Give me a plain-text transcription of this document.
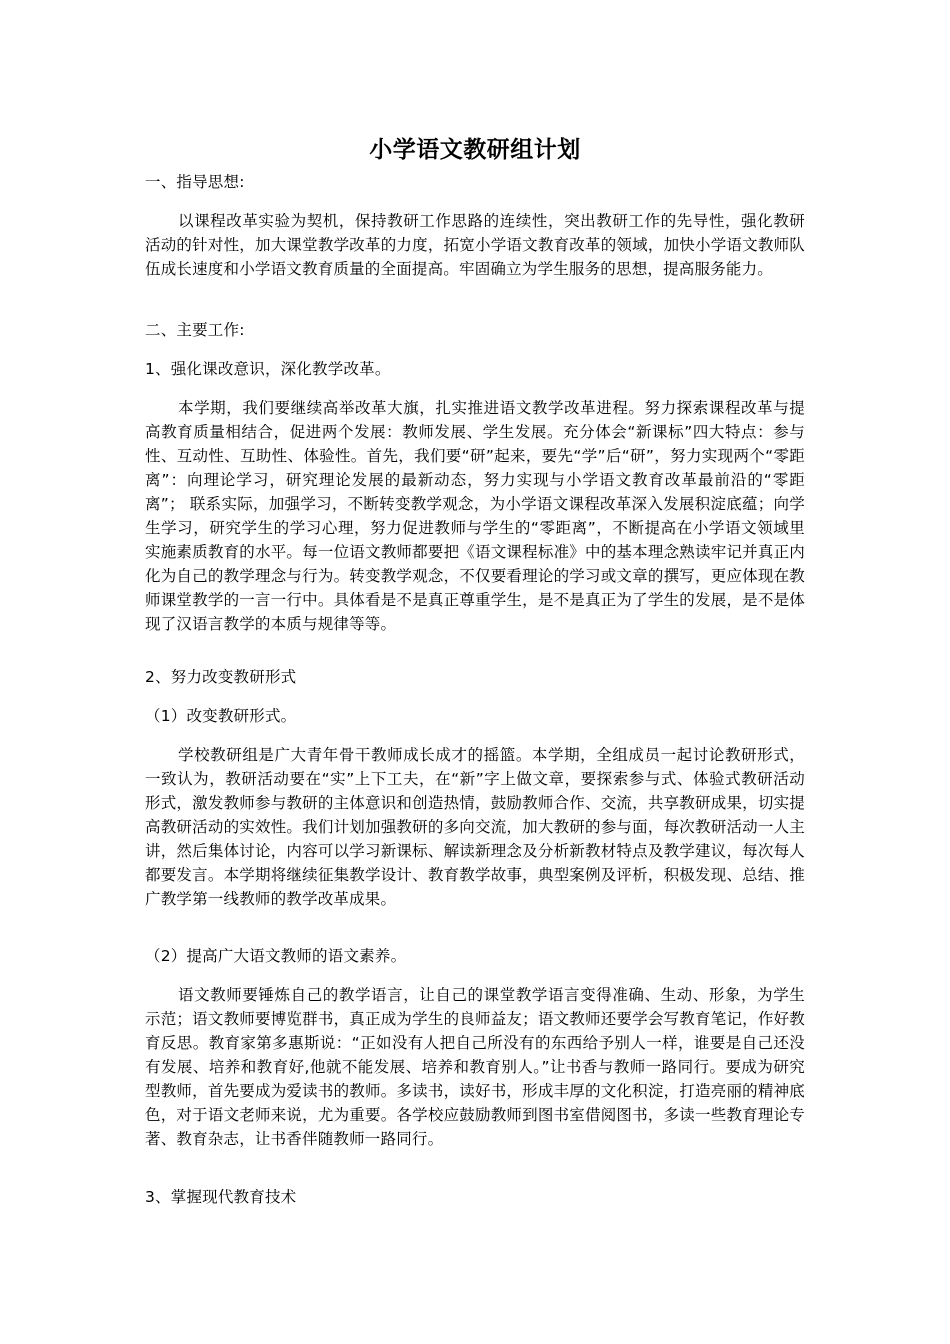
小学语文教研组计划

一、指导思想:

以课程改革实验为契机，保持教研工作思路的连续性，突出教研工作的先导性，强化教研活动的针对性，加大课堂教学改革的力度，拓宽小学语文教育改革的领域，加快小学语文教师队伍成长速度和小学语文教育质量的全面提高。牢固确立为学生服务的思想，提高服务能力。

二、主要工作:

1、强化课改意识，深化教学改革。

本学期，我们要继续高举改革大旗，扎实推进语文教学改革进程。努力探索课程改革与提高教育质量相结合，促进两个发展：教师发展、学生发展。充分体会“新课标”四大特点：参与性、互动性、互助性、体验性。首先，我们要“研”起来，要先“学”后“研”，努力实现两个“零距离”：向理论学习，研究理论发展的最新动态，努力实现与小学语文教育改革最前沿的“零距离”； 联系实际，加强学习，不断转变教学观念，为小学语文课程改革深入发展积淀底蕴；向学生学习，研究学生的学习心理，努力促进教师与学生的“零距离”，不断提高在小学语文领域里实施素质教育的水平。每一位语文教师都要把《语文课程标准》中的基本理念熟读牢记并真正内化为自己的教学理念与行为。转变教学观念，不仅要看理论的学习或文章的撰写，更应体现在教师课堂教学的一言一行中。具体看是不是真正尊重学生，是不是真正为了学生的发展，是不是体现了汉语言教学的本质与规律等等。

2、努力改变教研形式

（1）改变教研形式。

学校教研组是广大青年骨干教师成长成才的摇篮。本学期，全组成员一起讨论教研形式，一致认为，教研活动要在“实”上下工夫，在“新”字上做文章，要探索参与式、体验式教研活动形式，激发教师参与教研的主体意识和创造热情，鼓励教师合作、交流，共享教研成果，切实提高教研活动的实效性。我们计划加强教研的多向交流，加大教研的参与面，每次教研活动一人主讲，然后集体讨论，内容可以学习新课标、解读新理念及分析新教材特点及教学建议，每次每人都要发言。本学期将继续征集教学设计、教育教学故事，典型案例及评析，积极发现、总结、推广教学第一线教师的教学改革成果。

（2）提高广大语文教师的语文素养。

语文教师要锤炼自己的教学语言，让自己的课堂教学语言变得准确、生动、形象，为学生示范；语文教师要博览群书，真正成为学生的良师益友；语文教师还要学会写教育笔记，作好教育反思。教育家第多惠斯说：“正如没有人把自己所没有的东西给予别人一样，谁要是自己还没有发展、培养和教育好,他就不能发展、培养和教育别人。”让书香与教师一路同行。要成为研究型教师，首先要成为爱读书的教师。多读书，读好书，形成丰厚的文化积淀，打造亮丽的精神底色，对于语文老师来说，尤为重要。各学校应鼓励教师到图书室借阅图书，多读一些教育理论专著、教育杂志，让书香伴随教师一路同行。

3、掌握现代教育技术
